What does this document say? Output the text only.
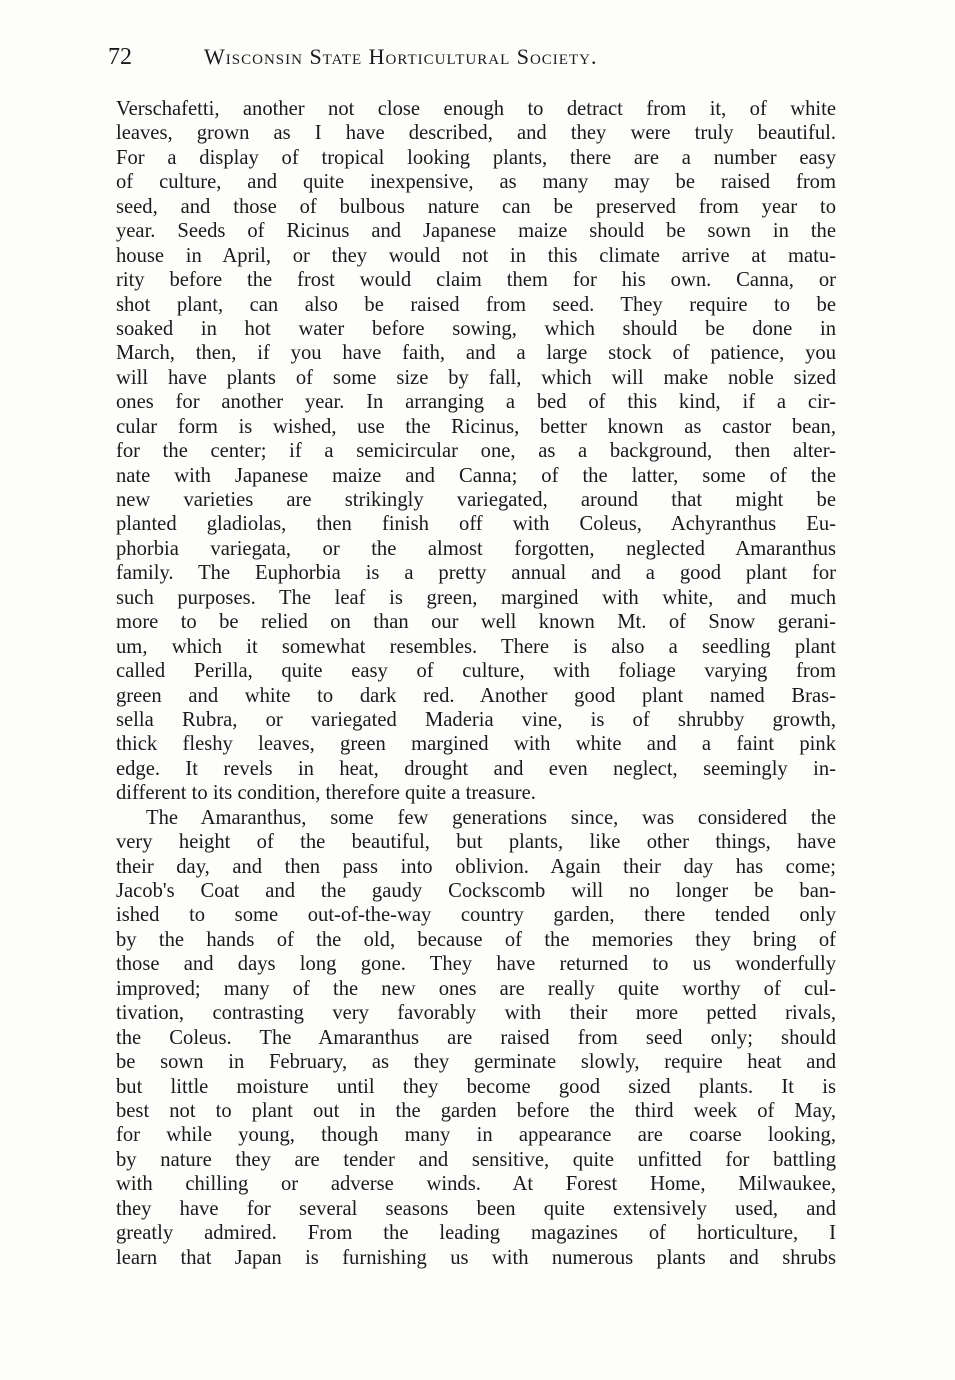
72	Wisconsin State Horticultural Society.
Verschafetti, another not close enough to detract from it, of white
leaves, grown as I have described, and they were truly beautiful.
For a display of tropical looking plants, there are a number easy
of culture, and quite inexpensive, as many may be raised from
seed, and those of bulbous nature can be preserved from year to
year. Seeds of Ricinus and Japanese maize should be sown in the
house in April, or they would not in this climate arrive at matu-
rity before the frost would claim them for his own. Canna, or
shot plant, can also be raised from seed. They require to be
soaked in hot water before sowing, which should be done in
March, then, if you have faith, and a large stock of patience, you
will have plants of some size by fall, which will make noble sized
ones for another year. In arranging a bed of this kind, if a cir-
cular form is wished, use the Ricinus, better known as castor bean,
for the center; if a semicircular one, as a background, then alter-
nate with Japanese maize and Canna; of the latter, some of the
new varieties are strikingly variegated, around that might be
planted gladiolas, then finish off with Coleus, Achyranthus Eu-
phorbia variegata, or the almost forgotten, neglected Amaranthus
family. The Euphorbia is a pretty annual and a good plant for
such purposes. The leaf is green, margined with white, and much
more to be relied on than our well known Mt. of Snow gerani-
um, which it somewhat resembles. There is also a seedling plant
called Perilla, quite easy of culture, with foliage varying from
green and white to dark red. Another good plant named Bras-
sella Rubra, or variegated Maderia vine, is of shrubby growth,
thick fleshy leaves, green margined with white and a faint pink
edge. It revels in heat, drought and even neglect, seemingly in-
different to its condition, therefore quite a treasure.
The Amaranthus, some few generations since, was considered the
very height of the beautiful, but plants, like other things, have
their day, and then pass into oblivion. Again their day has come;
Jacob's Coat and the gaudy Cockscomb will no longer be ban-
ished to some out-of-the-way country garden, there tended only
by the hands of the old, because of the memories they bring of
those and days long gone. They have returned to us wonderfully
improved; many of the new ones are really quite worthy of cul-
tivation, contrasting very favorably with their more petted rivals,
the Coleus. The Amaranthus are raised from seed only; should
be sown in February, as they germinate slowly, require heat and
but little moisture until they become good sized plants. It is
best not to plant out in the garden before the third week of May,
for while young, though many in appearance are coarse looking,
by nature they are tender and sensitive, quite unfitted for battling
with chilling or adverse winds. At Forest Home, Milwaukee,
they have for several seasons been quite extensively used, and
greatly admired. From the leading magazines of horticulture, I
learn that Japan is furnishing us with numerous plants and shrubs
